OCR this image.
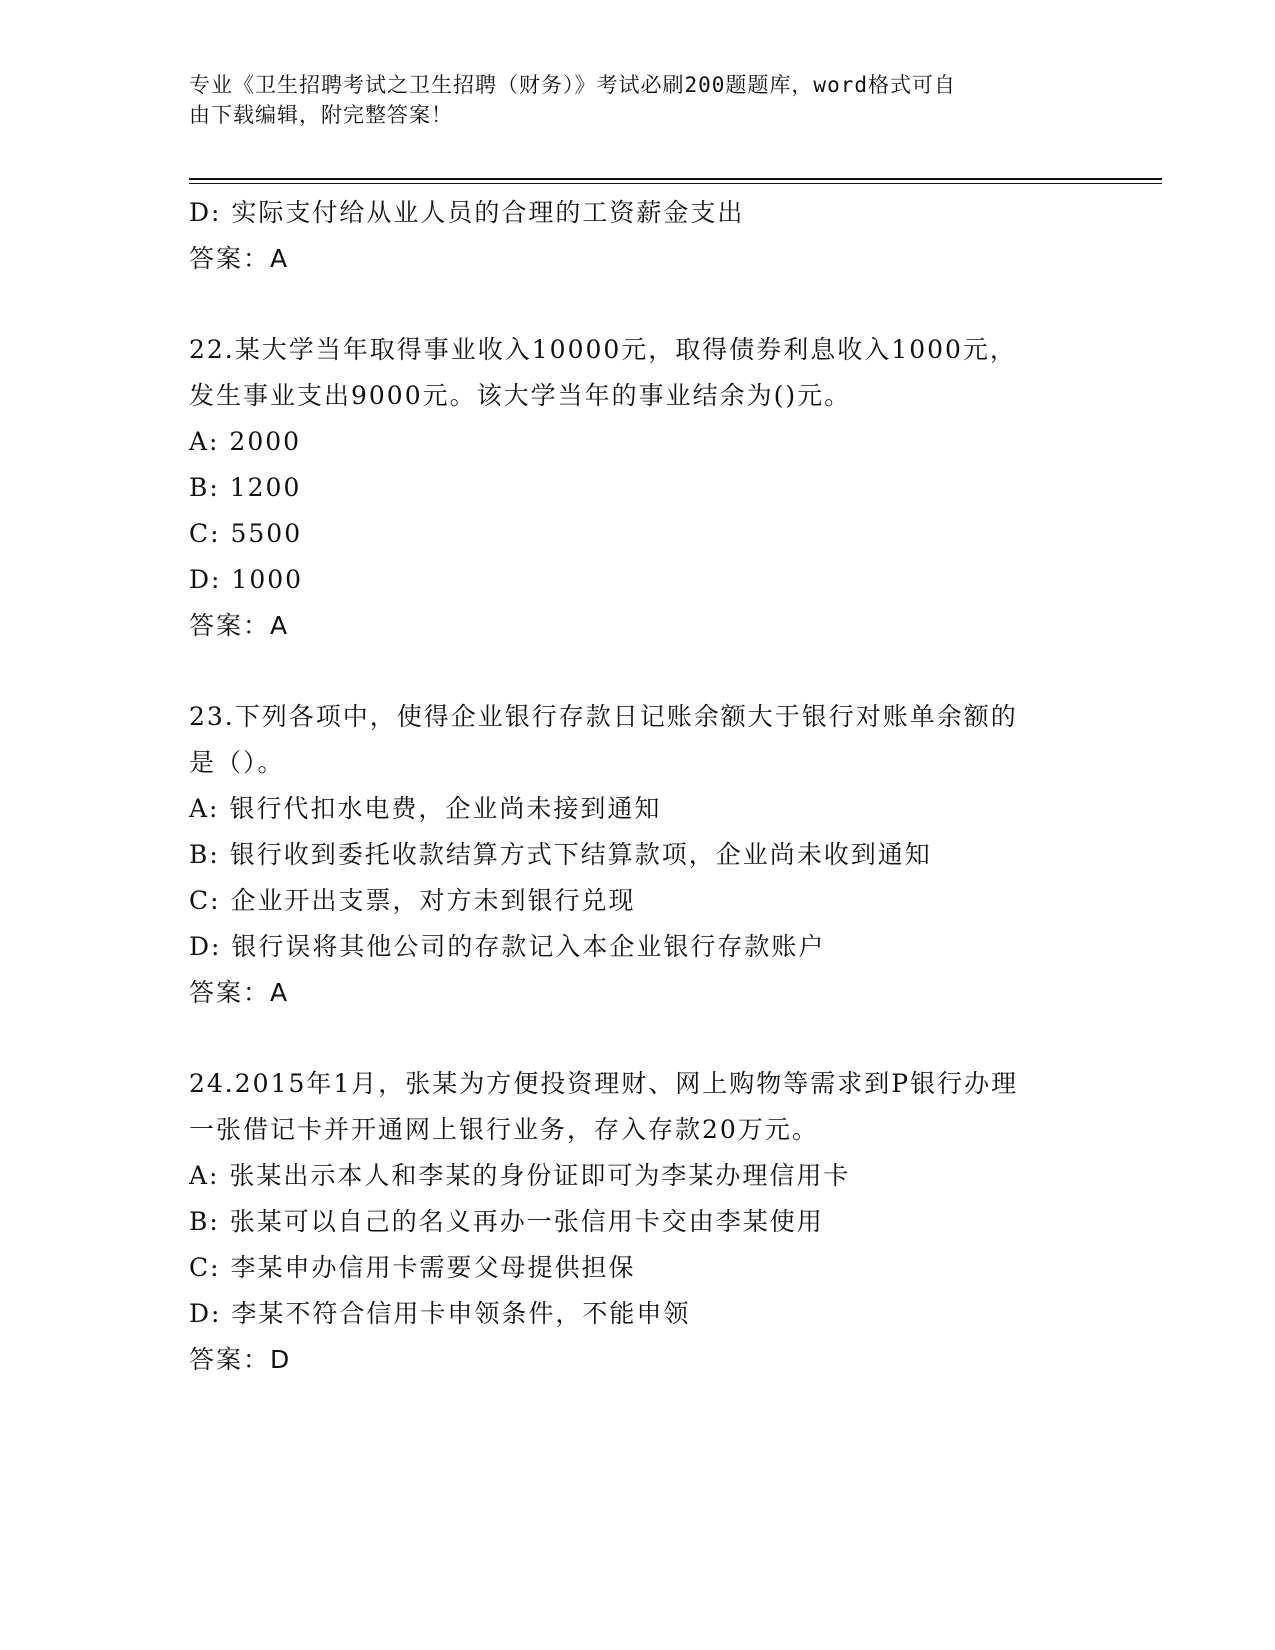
专业《卫生招聘考试之卫生招聘（财务）》考试必刷200题题库，word格式可自
由下载编辑，附完整答案！
D: 实际支付给从业人员的合理的工资薪金支出
答案：A
22.某大学当年取得事业收入10000元，取得债券利息收入1000元，
发生事业支出9000元。该大学当年的事业结余为()元。
A: 2000
B: 1200
C: 5500
D: 1000
答案：A
23.下列各项中，使得企业银行存款日记账余额大于银行对账单余额的
是（）。
A: 银行代扣水电费，企业尚未接到通知
B: 银行收到委托收款结算方式下结算款项，企业尚未收到通知
C: 企业开出支票，对方未到银行兑现
D: 银行误将其他公司的存款记入本企业银行存款账户
答案：A
24.2015年1月，张某为方便投资理财、网上购物等需求到P银行办理
一张借记卡并开通网上银行业务，存入存款20万元。
A: 张某出示本人和李某的身份证即可为李某办理信用卡
B: 张某可以自己的名义再办一张信用卡交由李某使用
C: 李某申办信用卡需要父母提供担保
D: 李某不符合信用卡申领条件，不能申领
答案：D
